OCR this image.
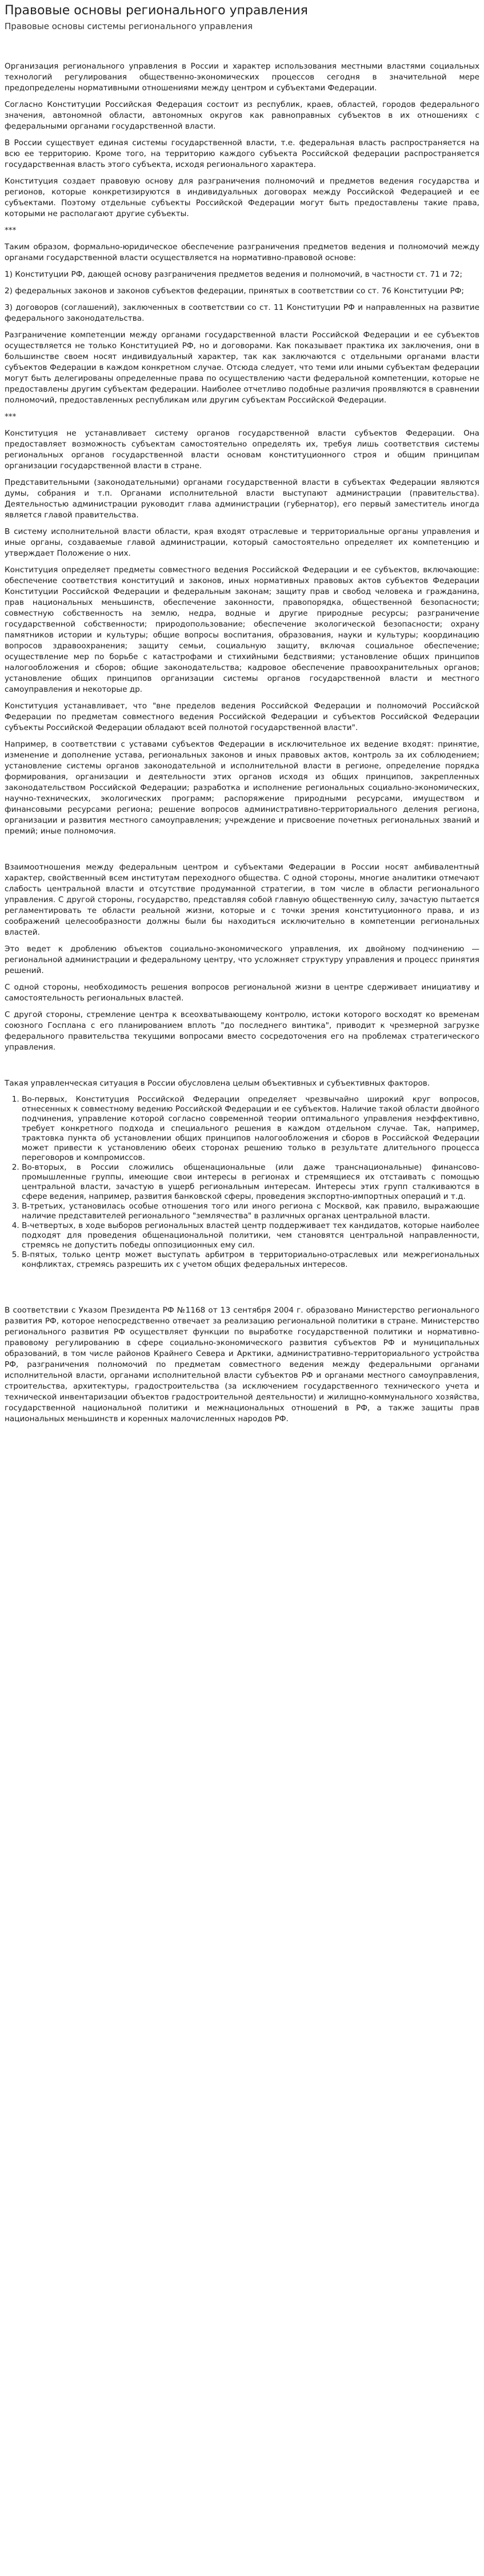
Правовые основы регионального управления
Правовые основы системы регионального управления

Организация регионального управления в России и характер использования местными властями социальных технологий регулирования общественно-экономических процессов сегодня в значительной мере предопределены нормативными отношениями между центром и субъектами Федерации.

Согласно Конституции Российская Федерация состоит из республик, краев, областей, городов федерального значения, автономной области, автономных округов как равноправных субъектов в их отношениях с федеральными органами государственной власти.

В России существует единая системы государственной власти, т.е. федеральная власть распространяется на всю ее территорию. Кроме того, на территорию каждого субъекта Российской федерации распространяется государственная власть этого субъекта, исходя регионального характера.

Конституция создает правовую основу для разграничения полномочий и предметов ведения государства и регионов, которые конкретизируются в индивидуальных договорах между Российской Федерацией и ее субъектами. Поэтому отдельные субъекты Российской Федерации могут быть предоставлены такие права, которыми не располагают другие субъекты.

***

Таким образом, формально-юридическое обеспечение разграничения предметов ведения и полномочий между органами государственной власти осуществляется на нормативно-правовой основе:

1) Конституции РФ, дающей основу разграничения предметов ведения и полномочий, в частности ст. 71 и 72;

2) федеральных законов и законов субъектов федерации, принятых в соответствии со ст. 76 Конституции РФ;

3) договоров (соглашений), заключенных в соответствии со ст. 11 Конституции РФ и направленных на развитие федерального законодательства.

Разграничение компетенции между органами государственной власти Российской Федерации и ее субъектов осуществляется не только Конституцией РФ, но и договорами. Как показывает практика их заключения, они в большинстве своем носят индивидуальный характер, так как заключаются с отдельными органами власти субъектов Федерации в каждом конкретном случае. Отсюда следует, что теми или иными субъектам федерации могут быть делегированы определенные права по осуществлению части федеральной компетенции, которые не предоставлены другим субъектам федерации. Наиболее отчетливо подобные различия проявляются в сравнении полномочий, предоставленных республикам или другим субъектам Российской Федерации.

***

Конституция не устанавливает систему органов государственной власти субъектов Федерации. Она предоставляет возможность субъектам самостоятельно определять их, требуя лишь соответствия системы региональных органов государственной власти основам конституционного строя и общим принципам организации государственной власти в стране.

Представительными (законодательными) органами государственной власти в субъектах Федерации являются думы, собрания и т.п. Органами исполнительной власти выступают администрации (правительства). Деятельностью администрации руководит глава администрации (губернатор), его первый заместитель иногда является главой правительства.

В систему исполнительной власти области, края входят отраслевые и территориальные органы управления и иные органы, создаваемые главой администрации, который самостоятельно определяет их компетенцию и утверждает Положение о них.

Конституция определяет предметы совместного ведения Российской Федерации и ее субъектов, включающие: обеспечение соответствия конституций и законов, иных нормативных правовых актов субъектов Федерации Конституции Российской Федерации и федеральным законам; защиту прав и свобод человека и гражданина, прав национальных меньшинств, обеспечение законности, правопорядка, общественной безопасности; совместную собственность на землю, недра, водные и другие природные ресурсы; разграничение государственной собственности; природопользование; обеспечение экологической безопасности; охрану памятников истории и культуры; общие вопросы воспитания, образования, науки и культуры; координацию вопросов здравоохранения; защиту семьи, социальную защиту, включая социальное обеспечение; осуществление мер по борьбе с катастрофами и стихийными бедствиями; установление общих принципов налогообложения и сборов; общие законодательства; кадровое обеспечение правоохранительных органов; установление общих принципов организации системы органов государственной власти и местного самоуправления и некоторые др.

Конституция устанавливает, что "вне пределов ведения Российской Федерации и полномочий Российской Федерации по предметам совместного ведения Российской Федерации и субъектов Российской Федерации субъекты Российской Федерации обладают всей полнотой государственной власти".

Например, в соответствии с уставами субъектов Федерации в исключительное их ведение входят: принятие, изменение и дополнение устава, региональных законов и иных правовых актов, контроль за их соблюдением; установление системы органов законодательной и исполнительной власти в регионе, определение порядка формирования, организации и деятельности этих органов исходя из общих принципов, закрепленных законодательством Российской Федерации; разработка и исполнение региональных социально-экономических, научно-технических, экологических программ; распоряжение природными ресурсами, имуществом и финансовыми ресурсами региона; решение вопросов административно-территориального деления региона, организации и развития местного самоуправления; учреждение и присвоение почетных региональных званий и премий; иные полномочия.

Взаимоотношения между федеральным центром и субъектами Федерации в России носят амбивалентный характер, свойственный всем институтам переходного общества. С одной стороны, многие аналитики отмечают слабость центральной власти и отсутствие продуманной стратегии, в том числе в области регионального управления. С другой стороны, государство, представляя собой главную общественную силу, зачастую пытается регламентировать те области реальной жизни, которые и с точки зрения конституционного права, и из соображений целесообразности должны были бы находиться исключительно в компетенции региональных властей.

Это ведет к дроблению объектов социально-экономического управления, их двойному подчинению — региональной администрации и федеральному центру, что усложняет структуру управления и процесс принятия решений.

С одной стороны, необходимость решения вопросов региональной жизни в центре сдерживает инициативу и самостоятельность региональных властей.

С другой стороны, стремление центра к всеохватывающему контролю, истоки которого восходят ко временам союзного Госплана с его планированием вплоть "до последнего винтика", приводит к чрезмерной загрузке федерального правительства текущими вопросами вместо сосредоточения его на проблемах стратегического управления.

Такая управленческая ситуация в России обусловлена целым объективных и субъективных факторов.

1. Во-первых, Конституция Российской Федерации определяет чрезвычайно широкий круг вопросов, отнесенных к совместному ведению Российской Федерации и ее субъектов. Наличие такой области двойного подчинения, управление которой согласно современной теории оптимального управления неэффективно, требует конкретного подхода и специального решения в каждом отдельном случае. Так, например, трактовка пункта об установлении общих принципов налогообложения и сборов в Российской Федерации может привести к установлению обеих сторонах решению только в результате длительного процесса переговоров и компромиссов.
2. Во-вторых, в России сложились общенациональные (или даже транснациональные) финансово-промышленные группы, имеющие свои интересы в регионах и стремящиеся их отстаивать с помощью центральной власти, зачастую в ущерб региональным интересам. Интересы этих групп сталкиваются в сфере ведения, например, развития банковской сферы, проведения экспортно-импортных операций и т.д.
3. В-третьих, установилась особые отношения того или иного региона с Москвой, как правило, выражающие наличие представителей регионального "землячества" в различных органах центральной власти.
4. В-четвертых, в ходе выборов региональных властей центр поддерживает тех кандидатов, которые наиболее подходят для проведения общенациональной политики, чем становятся центральной направленности, стремясь не допустить победы оппозиционных ему сил.
5. В-пятых, только центр может выступать арбитром в территориально-отраслевых или межрегиональных конфликтах, стремясь разрешить их с учетом общих федеральных интересов.

В соответствии с Указом Президента РФ №1168 от 13 сентября 2004 г. образовано Министерство регионального развития РФ, которое непосредственно отвечает за реализацию региональной политики в стране. Министерство регионального развития РФ осуществляет функции по выработке государственной политики и нормативно-правовому регулированию в сфере социально-экономического развития субъектов РФ и муниципальных образований, в том числе районов Крайнего Севера и Арктики, административно-территориального устройства РФ, разграничения полномочий по предметам совместного ведения между федеральными органами исполнительной власти, органами исполнительной власти субъектов РФ и органами местного самоуправления, строительства, архитектуры, градостроительства (за исключением государственного технического учета и технической инвентаризации объектов градостроительной деятельности) и жилищно-коммунального хозяйства, государственной национальной политики и межнациональных отношений в РФ, а также защиты прав национальных меньшинств и коренных малочисленных народов РФ.
